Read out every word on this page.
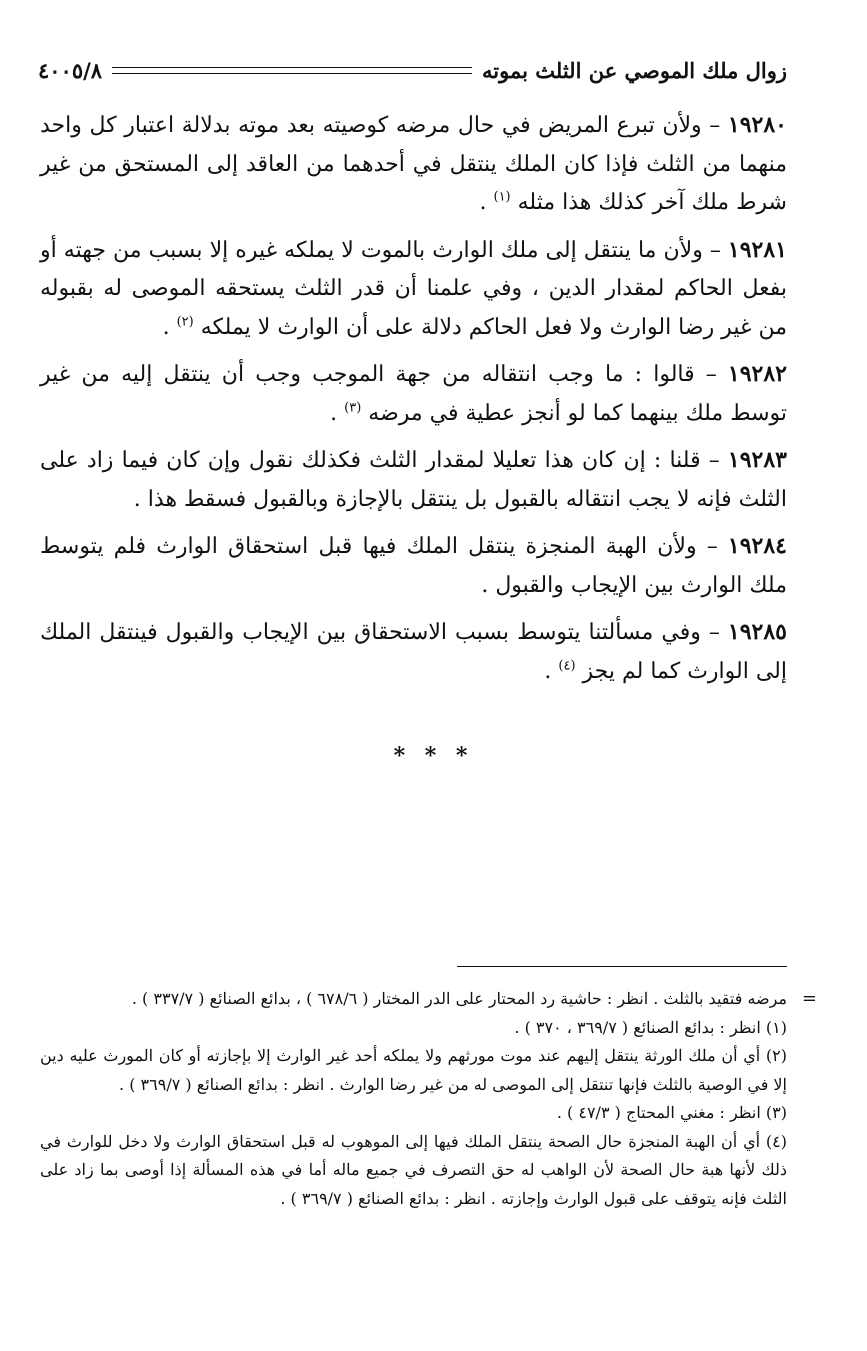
زوال ملك الموصي عن الثلث بموته
٤٠٠٥/٨

١٩٢٨٠ – ولأن تبرع المريض في حال مرضه كوصيته بعد موته بدلالة اعتبار كل واحد منهما من الثلث فإذا كان الملك ينتقل في أحدهما من العاقد إلى المستحق من غير شرط ملك آخر كذلك هذا مثله $^{(١)}$ .

١٩٢٨١ – ولأن ما ينتقل إلى ملك الوارث بالموت لا يملكه غيره إلا بسبب من جهته أو بفعل الحاكم لمقدار الدين ، وفي علمنا أن قدر الثلث يستحقه الموصى له بقبوله من غير رضا الوارث ولا فعل الحاكم دلالة على أن الوارث لا يملكه $^{(٢)}$ .

١٩٢٨٢ – قالوا : ما وجب انتقاله من جهة الموجب وجب أن ينتقل إليه من غير توسط ملك بينهما كما لو أنجز عطية في مرضه $^{(٣)}$ .

١٩٢٨٣ – قلنا : إن كان هذا تعليلا لمقدار الثلث فكذلك نقول وإن كان فيما زاد على الثلث فإنه لا يجب انتقاله بالقبول بل ينتقل بالإجازة وبالقبول فسقط هذا .

١٩٢٨٤ – ولأن الهبة المنجزة ينتقل الملك فيها قبل استحقاق الوارث فلم يتوسط ملك الوارث بين الإيجاب والقبول .

١٩٢٨٥ – وفي مسألتنا يتوسط بسبب الاستحقاق بين الإيجاب والقبول فينتقل الملك إلى الوارث كما لم يجز $^{(٤)}$ .

* * *
=

مرضه فتقيد بالثلث . انظر : حاشية رد المحتار على الدر المختار ( ٦٧٨/٦ ) ، بدائع الصنائع ( ٣٣٧/٧ ) .

(١) انظر : بدائع الصنائع ( ٣٦٩/٧ ، ٣٧٠ ) .

(٢) أي أن ملك الورثة ينتقل إليهم عند موت مورثهم ولا يملكه أحد غير الوارث إلا بإجازته أو كان المورث عليه دين إلا في الوصية بالثلث فإنها تنتقل إلى الموصى له من غير رضا الوارث . انظر : بدائع الصنائع ( ٣٦٩/٧ ) .

(٣) انظر : مغني المحتاج ( ٤٧/٣ ) .

(٤) أي أن الهبة المنجزة حال الصحة ينتقل الملك فيها إلى الموهوب له قبل استحقاق الوارث ولا دخل للوارث في ذلك لأنها هبة حال الصحة لأن الواهب له حق التصرف في جميع ماله أما في هذه المسألة إذا أوصى بما زاد على الثلث فإنه يتوقف على قبول الوارث وإجازته . انظر : بدائع الصنائع ( ٣٦٩/٧ ) .
